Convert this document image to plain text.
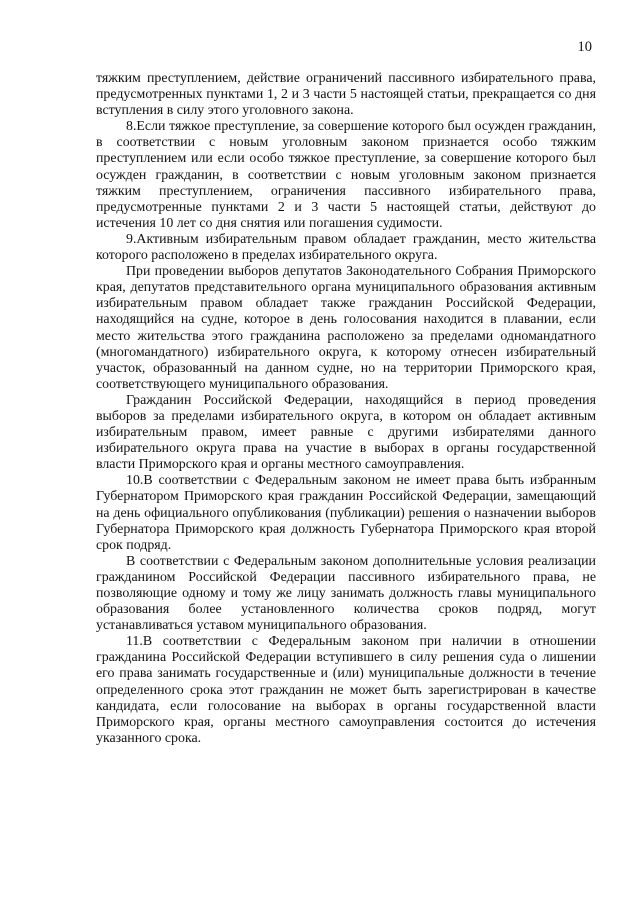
10

тяжким преступлением, действие ограничений пассивного избирательного права, предусмотренных пунктами 1, 2 и 3 части 5 настоящей статьи, прекращается со дня вступления в силу этого уголовного закона.

8.Если тяжкое преступление, за совершение которого был осужден гражданин, в соответствии с новым уголовным законом признается особо тяжким преступлением или если особо тяжкое преступление, за совершение которого был осужден гражданин, в соответствии с новым уголовным законом признается тяжким преступлением, ограничения пассивного избирательного права, предусмотренные пунктами 2 и 3 части 5 настоящей статьи, действуют до истечения 10 лет со дня снятия или погашения судимости.

9.Активным избирательным правом обладает гражданин, место жительства которого расположено в пределах избирательного округа.

При проведении выборов депутатов Законодательного Собрания Приморского края, депутатов представительного органа муниципального образования активным избирательным правом обладает также гражданин Российской Федерации, находящийся на судне, которое в день голосования находится в плавании, если место жительства этого гражданина расположено за пределами одномандатного (многомандатного) избирательного округа, к которому отнесен избирательный участок, образованный на данном судне, но на территории Приморского края, соответствующего муниципального образования.

Гражданин Российской Федерации, находящийся в период проведения выборов за пределами избирательного округа, в котором он обладает активным избирательным правом, имеет равные с другими избирателями данного избирательного округа права на участие в выборах в органы государственной власти Приморского края и органы местного самоуправления.

10.В соответствии с Федеральным законом не имеет права быть избранным Губернатором Приморского края гражданин Российской Федерации, замещающий на день официального опубликования (публикации) решения о назначении выборов Губернатора Приморского края должность Губернатора Приморского края второй срок подряд.

В соответствии с Федеральным законом дополнительные условия реализации гражданином Российской Федерации пассивного избирательного права, не позволяющие одному и тому же лицу занимать должность главы муниципального образования более установленного количества сроков подряд, могут устанавливаться уставом муниципального образования.

11.В соответствии с Федеральным законом при наличии в отношении гражданина Российской Федерации вступившего в силу решения суда о лишении его права занимать государственные и (или) муниципальные должности в течение определенного срока этот гражданин не может быть зарегистрирован в качестве кандидата, если голосование на выборах в органы государственной власти Приморского края, органы местного самоуправления состоится до истечения указанного срока.
